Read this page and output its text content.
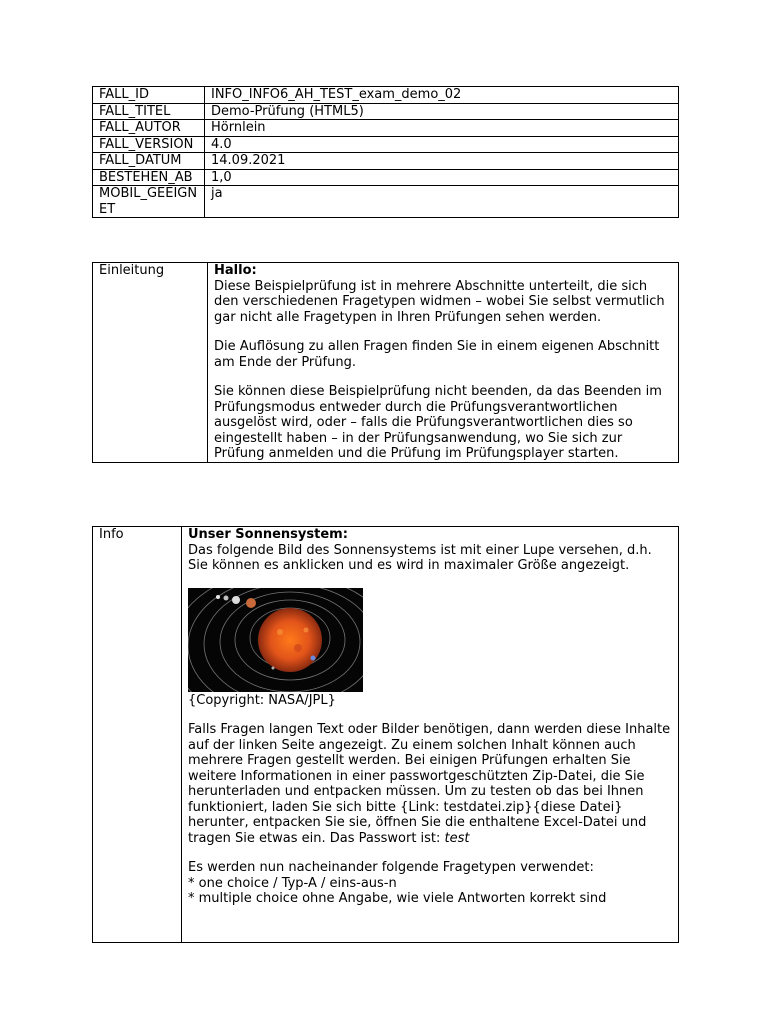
FALL_ID	INFO_INFO6_AH_TEST_exam_demo_02
FALL_TITEL	Demo-Prüfung (HTML5)
FALL_AUTOR	Hörnlein
FALL_VERSION	4.0
FALL_DATUM	14.09.2021
BESTEHEN_AB	1,0
MOBIL_GEEIGNET	ja
Einleitung	Hallo:
Diese Beispielprüfung ist in mehrere Abschnitte unterteilt, die sich den verschiedenen Fragetypen widmen – wobei Sie selbst vermutlich gar nicht alle Fragetypen in Ihren Prüfungen sehen werden.
Die Auflösung zu allen Fragen finden Sie in einem eigenen Abschnitt am Ende der Prüfung.
Sie können diese Beispielprüfung nicht beenden, da das Beenden im Prüfungsmodus entweder durch die Prüfungsverantwortlichen ausgelöst wird, oder – falls die Prüfungsverantwortlichen dies so eingestellt haben – in der Prüfungsanwendung, wo Sie sich zur Prüfung anmelden und die Prüfung im Prüfungsplayer starten.
Info	Unser Sonnensystem:
Das folgende Bild des Sonnensystems ist mit einer Lupe versehen, d.h. Sie können es anklicken und es wird in maximaler Größe angezeigt.
{Copyright: NASA/JPL}
Falls Fragen langen Text oder Bilder benötigen, dann werden diese Inhalte auf der linken Seite angezeigt. Zu einem solchen Inhalt können auch mehrere Fragen gestellt werden. Bei einigen Prüfungen erhalten Sie weitere Informationen in einer passwortgeschützten Zip-Datei, die Sie herunterladen und entpacken müssen. Um zu testen ob das bei Ihnen funktioniert, laden Sie sich bitte {Link: testdatei.zip}{diese Datei} herunter, entpacken Sie sie, öffnen Sie die enthaltene Excel-Datei und tragen Sie etwas ein. Das Passwort ist: test
Es werden nun nacheinander folgende Fragetypen verwendet:
* one choice / Typ-A / eins-aus-n
* multiple choice ohne Angabe, wie viele Antworten korrekt sind
